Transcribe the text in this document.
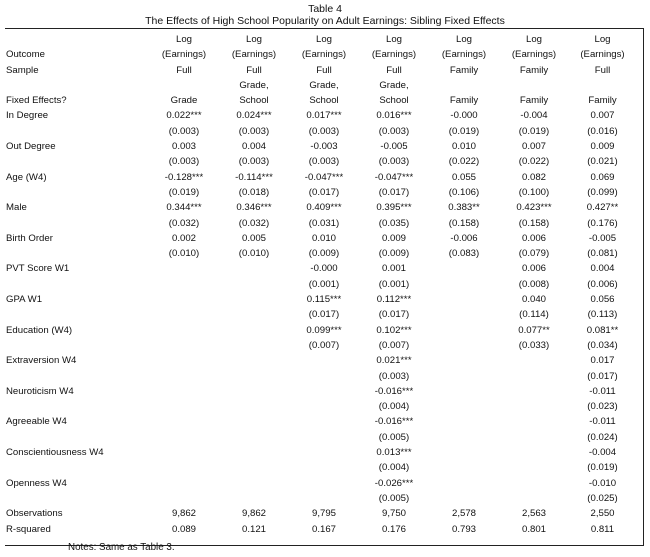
Table 4
The Effects of High School Popularity on Adult Earnings: Sibling Fixed Effects
	Log	Log	Log	Log	Log	Log	Log
Outcome	(Earnings)	(Earnings)	(Earnings)	(Earnings)	(Earnings)	(Earnings)	(Earnings)
Sample	Full	Full	Full	Full	Family	Family	Full
		Grade,	Grade,	Grade,			
Fixed Effects?	Grade	School	School	School	Family	Family	Family
In Degree	0.022***	0.024***	0.017***	0.016***	-0.000	-0.004	0.007
	(0.003)	(0.003)	(0.003)	(0.003)	(0.019)	(0.019)	(0.016)
Out Degree	0.003	0.004	-0.003	-0.005	0.010	0.007	0.009
	(0.003)	(0.003)	(0.003)	(0.003)	(0.022)	(0.022)	(0.021)
Age (W4)	-0.128***	-0.114***	-0.047***	-0.047***	0.055	0.082	0.069
	(0.019)	(0.018)	(0.017)	(0.017)	(0.106)	(0.100)	(0.099)
Male	0.344***	0.346***	0.409***	0.395***	0.383**	0.423***	0.427**
	(0.032)	(0.032)	(0.031)	(0.035)	(0.158)	(0.158)	(0.176)
Birth Order	0.002	0.005	0.010	0.009	-0.006	0.006	-0.005
	(0.010)	(0.010)	(0.009)	(0.009)	(0.083)	(0.079)	(0.081)
PVT Score W1			-0.000	0.001		0.006	0.004
			(0.001)	(0.001)		(0.008)	(0.006)
GPA W1			0.115***	0.112***		0.040	0.056
			(0.017)	(0.017)		(0.114)	(0.113)
Education (W4)			0.099***	0.102***		0.077**	0.081**
			(0.007)	(0.007)		(0.033)	(0.034)
Extraversion W4				0.021***			0.017
				(0.003)			(0.017)
Neuroticism W4				-0.016***			-0.011
				(0.004)			(0.023)
Agreeable W4				-0.016***			-0.011
				(0.005)			(0.024)
Conscientiousness W4				0.013***			-0.004
				(0.004)			(0.019)
Openness W4				-0.026***			-0.010
				(0.005)			(0.025)
Observations	9,862	9,862	9,795	9,750	2,578	2,563	2,550
R-squared	0.089	0.121	0.167	0.176	0.793	0.801	0.811
Notes: Same as Table 3.
